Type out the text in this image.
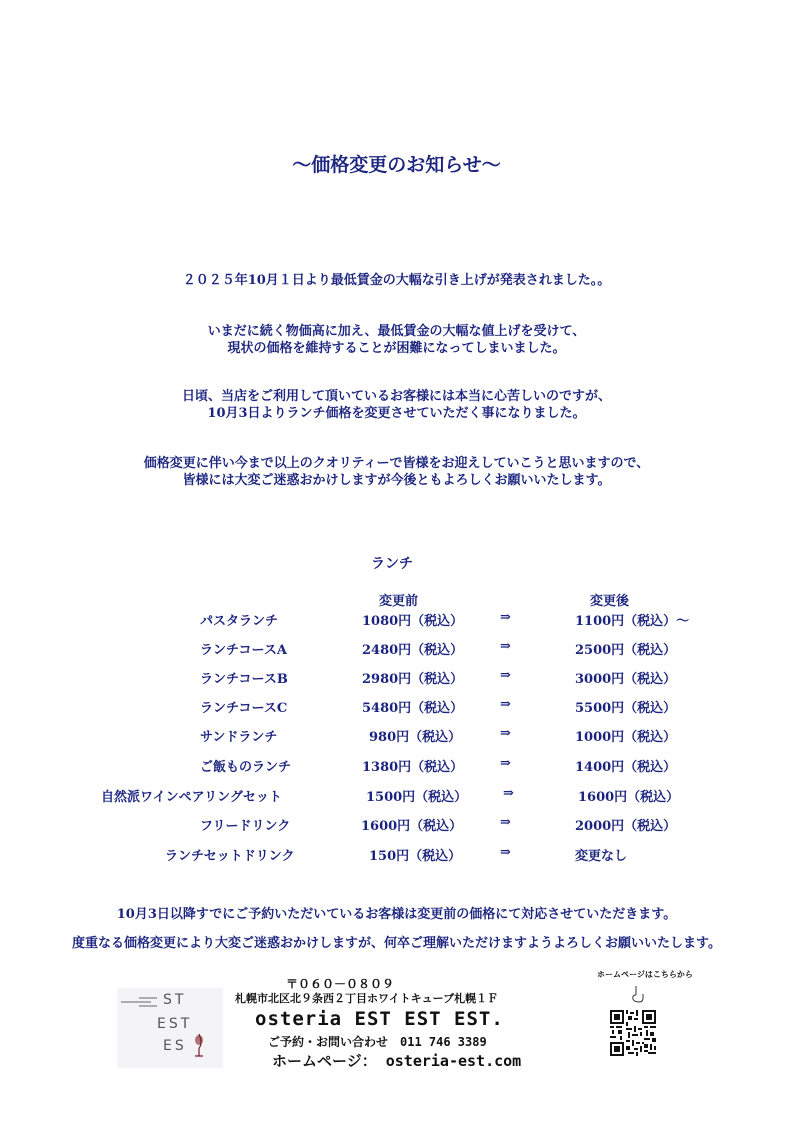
～価格変更のお知らせ～
２０２５年10月１日より最低賃金の大幅な引き上げが発表されました。。
いまだに続く物価高に加え、最低賃金の大幅な値上げを受けて、
現状の価格を維持することが困難になってしまいました。
日頃、当店をご利用して頂いているお客様には本当に心苦しいのですが、
10月3日よりランチ価格を変更させていただく事になりました。
価格変更に伴い今まで以上のクオリティーで皆様をお迎えしていこうと思いますので、
皆様には大変ご迷惑おかけしますが今後ともよろしくお願いいたします。
ランチ
変更前	変更後
パスタランチ	1080円（税込）	⇒	1100円（税込）～
ランチコースA	2480円（税込）	⇒	2500円（税込）
ランチコースB	2980円（税込）	⇒	3000円（税込）
ランチコースC	5480円（税込）	⇒	5500円（税込）
サンドランチ	980円（税込）	⇒	1000円（税込）
ご飯ものランチ	1380円（税込）	⇒	1400円（税込）
自然派ワインペアリングセット	1500円（税込）	⇒	1600円（税込）
フリードリンク	1600円（税込）	⇒	2000円（税込）
ランチセットドリンク	150円（税込）	⇒	変更なし
10月3日以降すでにご予約いただいているお客様は変更前の価格にて対応させていただきます。
度重なる価格変更により大変ご迷惑おかけしますが、何卒ご理解いただけますようよろしくお願いいたします。
ST
EST
ES
〒０６０－０８０９
札幌市北区北９条西２丁目ホワイトキューブ札幌１Ｆ
osteria EST EST EST.
ご予約・お問い合わせ　011 746 3389
ホームページ： osteria-est.com
ホームページはこちらから
